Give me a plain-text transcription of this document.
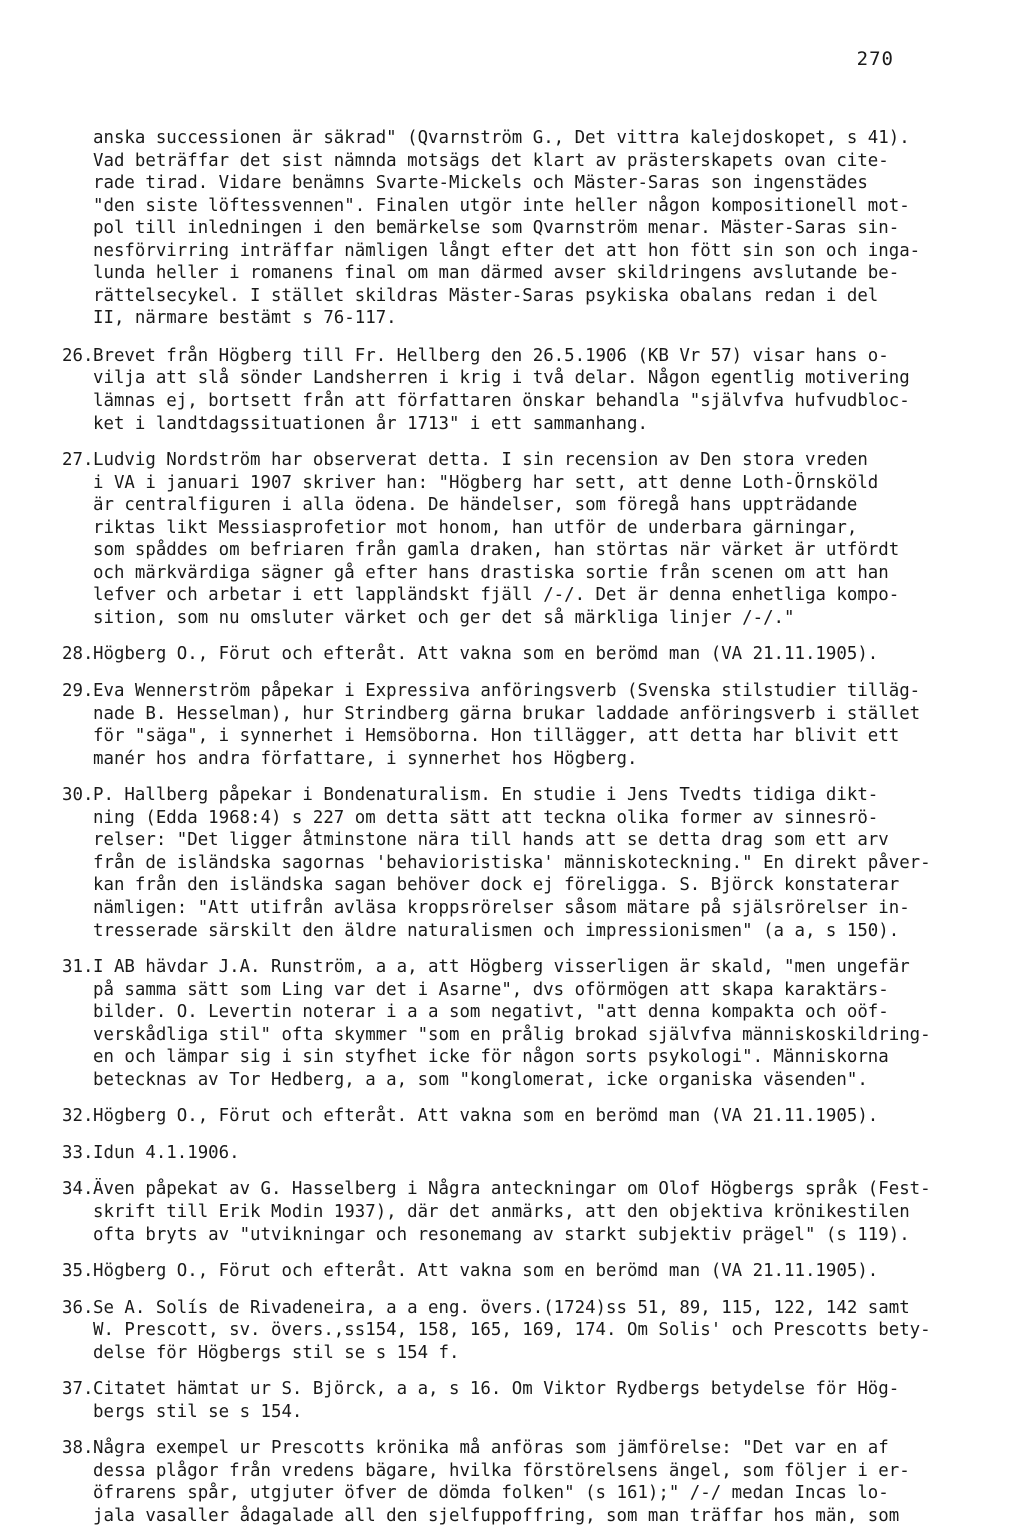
270
anska successionen är säkrad" (Qvarnström G., Det vittra kalejdoskopet, s 41).
Vad beträffar det sist nämnda motsägs det klart av prästerskapets ovan cite-
rade tirad. Vidare benämns Svarte-Mickels och Mäster-Saras son ingenstädes
"den siste löftessvennen". Finalen utgör inte heller någon kompositionell mot-
pol till inledningen i den bemärkelse som Qvarnström menar. Mäster-Saras sin-
nesförvirring inträffar nämligen långt efter det att hon fött sin son och inga-
lunda heller i romanens final om man därmed avser skildringens avslutande be-
rättelsecykel. I stället skildras Mäster-Saras psykiska obalans redan i del
II, närmare bestämt s 76-117.
26. Brevet från Högberg till Fr. Hellberg den 26.5.1906 (KB Vr 57) visar hans o-
vilja att slå sönder Landsherren i krig i två delar. Någon egentlig motivering
lämnas ej, bortsett från att författaren önskar behandla "självfva hufvudbloc-
ket i landtdagssituationen år 1713" i ett sammanhang.
27. Ludvig Nordström har observerat detta. I sin recension av Den stora vreden
i VA i januari 1907 skriver han: "Högberg har sett, att denne Loth-Örnsköld
är centralfiguren i alla ödena. De händelser, som föregå hans uppträdande
riktas likt Messiasprofetior mot honom, han utför de underbara gärningar,
som spåddes om befriaren från gamla draken, han störtas när värket är utfördt
och märkvärdiga sägner gå efter hans drastiska sortie från scenen om att han
lefver och arbetar i ett lappländskt fjäll /-/. Det är denna enhetliga kompo-
sition, som nu omsluter värket och ger det så märkliga linjer /-/."
28. Högberg O., Förut och efteråt. Att vakna som en berömd man (VA 21.11.1905).
29. Eva Wennerström påpekar i Expressiva anföringsverb (Svenska stilstudier tilläg-
nade B. Hesselman), hur Strindberg gärna brukar laddade anföringsverb i stället
för "säga", i synnerhet i Hemsöborna. Hon tillägger, att detta har blivit ett
manér hos andra författare, i synnerhet hos Högberg.
30. P. Hallberg påpekar i Bondenaturalism. En studie i Jens Tvedts tidiga dikt-
ning (Edda 1968:4) s 227 om detta sätt att teckna olika former av sinnesrö-
relser: "Det ligger åtminstone nära till hands att se detta drag som ett arv
från de isländska sagornas 'behavioristiska' människoteckning." En direkt påver-
kan från den isländska sagan behöver dock ej föreligga. S. Björck konstaterar
nämligen: "Att utifrån avläsa kroppsrörelser såsom mätare på själsrörelser in-
tresserade särskilt den äldre naturalismen och impressionismen" (a a, s 150).
31. I AB hävdar J.A. Runström, a a, att Högberg visserligen är skald, "men ungefär
på samma sätt som Ling var det i Asarne", dvs oförmögen att skapa karaktärs-
bilder. O. Levertin noterar i a a som negativt, "att denna kompakta och oöf-
verskådliga stil" ofta skymmer "som en prålig brokad självfva människoskildring-
en och lämpar sig i sin styfhet icke för någon sorts psykologi". Människorna
betecknas av Tor Hedberg, a a, som "konglomerat, icke organiska väsenden".
32. Högberg O., Förut och efteråt. Att vakna som en berömd man (VA 21.11.1905).
33. Idun 4.1.1906.
34. Även påpekat av G. Hasselberg i Några anteckningar om Olof Högbergs språk (Fest-
skrift till Erik Modin 1937), där det anmärks, att den objektiva krönikestilen
ofta bryts av "utvikningar och resonemang av starkt subjektiv prägel" (s 119).
35. Högberg O., Förut och efteråt. Att vakna som en berömd man (VA 21.11.1905).
36. Se A. Solís de Rivadeneira, a a eng. övers.(1724)ss 51, 89, 115, 122, 142 samt
W. Prescott, sv. övers.,ss154, 158, 165, 169, 174. Om Solis' och Prescotts bety-
delse för Högbergs stil se s 154 f.
37. Citatet hämtat ur S. Björck, a a, s 16. Om Viktor Rydbergs betydelse för Hög-
bergs stil se s 154.
38. Några exempel ur Prescotts krönika må anföras som jämförelse: "Det var en af
dessa plågor från vredens bägare, hvilka förstörelsens ängel, som följer i er-
öfrarens spår, utgjuter öfver de dömda folken" (s 161);" /-/ medan Incas lo-
jala vasaller ådagalade all den sjelfuppoffring, som man träffar hos män, som
